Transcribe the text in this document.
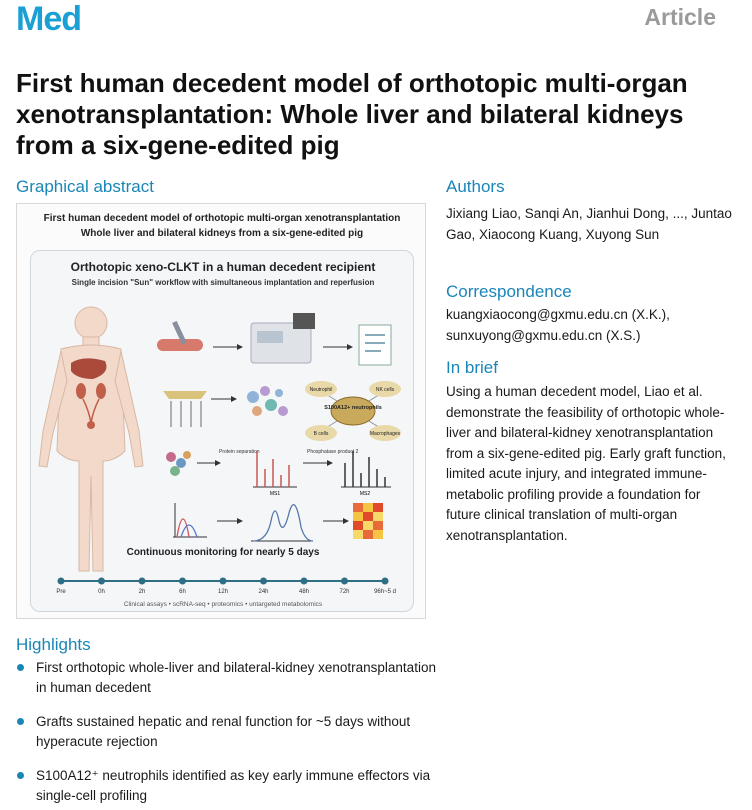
Med	Article
First human decedent model of orthotopic multi-organ xenotransplantation: Whole liver and bilateral kidneys from a six-gene-edited pig
Graphical abstract
First human decedent model of orthotopic multi-organ xenotransplantation
Whole liver and bilateral kidneys from a six-gene-edited pig
Orthotopic xeno-CLKT in a human decedent recipient
Single incision "Sun" workflow with simultaneous implantation and reperfusion
S100A12+ neutrophils
Neutrophil	NK cells
B cells	Macrophages
Protein separation
MS1
Phosphatase product 2
MS2
Pre	0h	2h	6h	12h	24h	48h	72h	96h~5 d
Continuous monitoring for nearly 5 days
Clinical assays • scRNA-seq • proteomics • untargeted metabolomics
Authors
Jixiang Liao, Sanqi An, Jianhui Dong, ..., Juntao Gao, Xiaocong Kuang, Xuyong Sun
Correspondence
kuangxiaocong@gxmu.edu.cn (X.K.),
sunxuyong@gxmu.edu.cn (X.S.)
In brief
Using a human decedent model, Liao et al. demonstrate the feasibility of orthotopic whole-liver and bilateral-kidney xenotransplantation from a six-gene-edited pig. Early graft function, limited acute injury, and integrated immune-metabolic profiling provide a foundation for future clinical translation of multi-organ xenotransplantation.
Highlights
First orthotopic whole-liver and bilateral-kidney xenotransplantation in human decedent
Grafts sustained hepatic and renal function for ~5 days without hyperacute rejection
S100A12⁺ neutrophils identified as key early immune effectors via single-cell profiling
